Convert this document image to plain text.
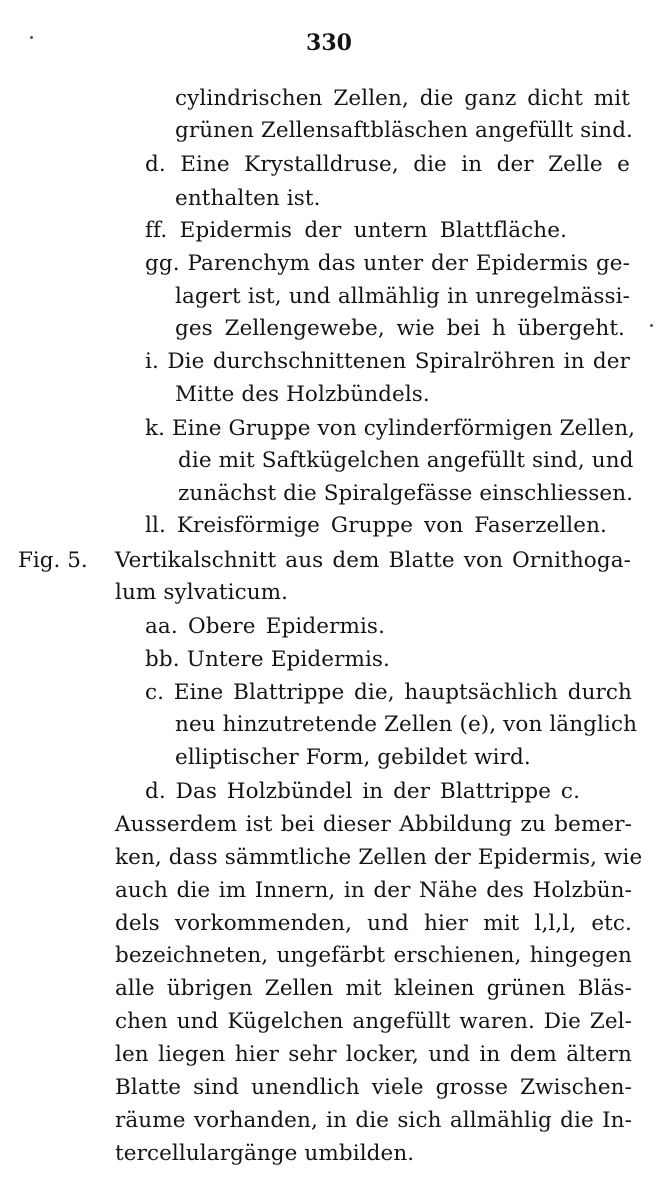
330
cylindrischen Zellen, die ganz dicht mit
grünen Zellensaftbläschen angefüllt sind.
d. Eine Krystalldruse, die in der Zelle e
enthalten ist.
ff. Epidermis der untern Blattfläche.
gg. Parenchym das unter der Epidermis ge-
lagert ist, und allmählig in unregelmässi-
ges Zellengewebe, wie bei h übergeht.
i. Die durchschnittenen Spiralröhren in der
Mitte des Holzbündels.
k. Eine Gruppe von cylinderförmigen Zellen,
die mit Saftkügelchen angefüllt sind, und
zunächst die Spiralgefässe einschliessen.
ll. Kreisförmige Gruppe von Faserzellen.
Fig. 5. Vertikalschnitt aus dem Blatte von Ornithoga-
lum sylvaticum.
aa. Obere Epidermis.
bb. Untere Epidermis.
c. Eine Blattrippe die, hauptsächlich durch
neu hinzutretende Zellen (e), von länglich
elliptischer Form, gebildet wird.
d. Das Holzbündel in der Blattrippe c.
Ausserdem ist bei dieser Abbildung zu bemer-
ken, dass sämmtliche Zellen der Epidermis, wie
auch die im Innern, in der Nähe des Holzbün-
dels vorkommenden, und hier mit l,l,l, etc.
bezeichneten, ungefärbt erschienen, hingegen
alle übrigen Zellen mit kleinen grünen Bläs-
chen und Kügelchen angefüllt waren. Die Zel-
len liegen hier sehr locker, und in dem ältern
Blatte sind unendlich viele grosse Zwischen-
räume vorhanden, in die sich allmählig die In-
tercellulargänge umbilden.
